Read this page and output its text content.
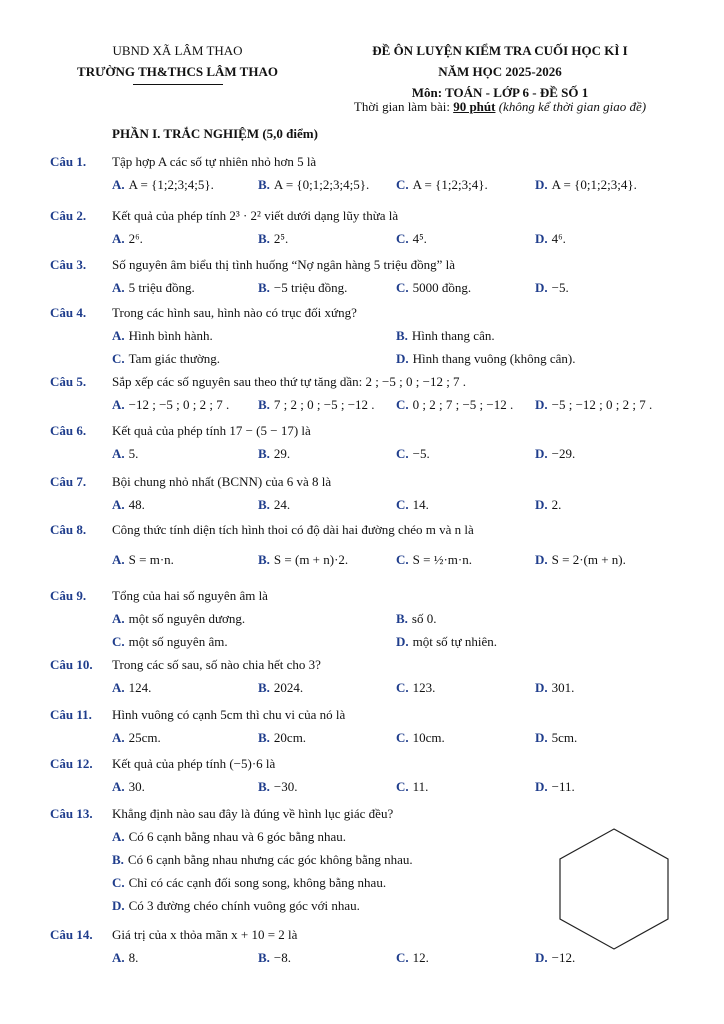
UBND XÃ LÂM THAO
TRƯỜNG TH&THCS LÂM THAO
ĐỀ ÔN LUYỆN KIỂM TRA CUỐI HỌC KÌ I
NĂM HỌC 2025-2026
Môn: TOÁN - LỚP 6 - ĐỀ SỐ 1
Thời gian làm bài: 90 phút (không kể thời gian giao đề)
PHẦN I. TRẮC NGHIỆM (5,0 điểm)
Câu 1. Tập hợp A các số tự nhiên nhỏ hơn 5 là
A. A = {1;2;3;4;5}.	B. A = {0;1;2;3;4;5}. C. A = {1;2;3;4}.	D. A = {0;1;2;3;4}.
Câu 2. Kết quả của phép tính 2³ · 2² viết dưới dạng lũy thừa là
A. 2⁶.	B. 2⁵.	C. 4⁵.	D. 4⁶.
Câu 3. Số nguyên âm biểu thị tình huống “Nợ ngân hàng 5 triệu đồng” là
A. 5 triệu đồng.	B. −5 triệu đồng.	C. 5000 đồng.	D. −5.
Câu 4. Trong các hình sau, hình nào có trục đối xứng?
A. Hình bình hành.	B. Hình thang cân.
C. Tam giác thường.	D. Hình thang vuông (không cân).
Câu 5. Sắp xếp các số nguyên sau theo thứ tự tăng dần: 2 ; −5 ; 0 ; −12 ; 7 .
A. −12 ; −5 ; 0 ; 2 ; 7 . B. 7 ; 2 ; 0 ; −5 ; −12 . C. 0 ; 2 ; 7 ; −5 ; −12 . D. −5 ; −12 ; 0 ; 2 ; 7 .
Câu 6. Kết quả của phép tính 17 − (5 − 17) là
A. 5.	B. 29.	C. −5.	D. −29.
Câu 7. Bội chung nhỏ nhất (BCNN) của 6 và 8 là
A. 48.	B. 24.	C. 14.	D. 2.
Câu 8. Công thức tính diện tích hình thoi có độ dài hai đường chéo m và n là
A. S = m·n.	B. S = (m + n)·2.	C. S = ½·m·n.	D. S = 2·(m + n).
Câu 9. Tổng của hai số nguyên âm là
A. một số nguyên dương.	B. số 0.
C. một số nguyên âm.	D. một số tự nhiên.
Câu 10. Trong các số sau, số nào chia hết cho 3?
A. 124.	B. 2024.	C. 123.	D. 301.
Câu 11. Hình vuông có cạnh 5cm thì chu vi của nó là
A. 25cm.	B. 20cm.	C. 10cm.	D. 5cm.
Câu 12. Kết quả của phép tính (−5)·6 là
A. 30.	B. −30.	C. 11.	D. −11.
Câu 13. Khẳng định nào sau đây là đúng về hình lục giác đều?
A. Có 6 cạnh bằng nhau và 6 góc bằng nhau.
B. Có 6 cạnh bằng nhau nhưng các góc không bằng nhau.
C. Chỉ có các cạnh đối song song, không bằng nhau.
D. Có 3 đường chéo chính vuông góc với nhau.
Câu 14. Giá trị của x thỏa mãn x + 10 = 2 là
A. 8.	B. −8.	C. 12.	D. −12.
